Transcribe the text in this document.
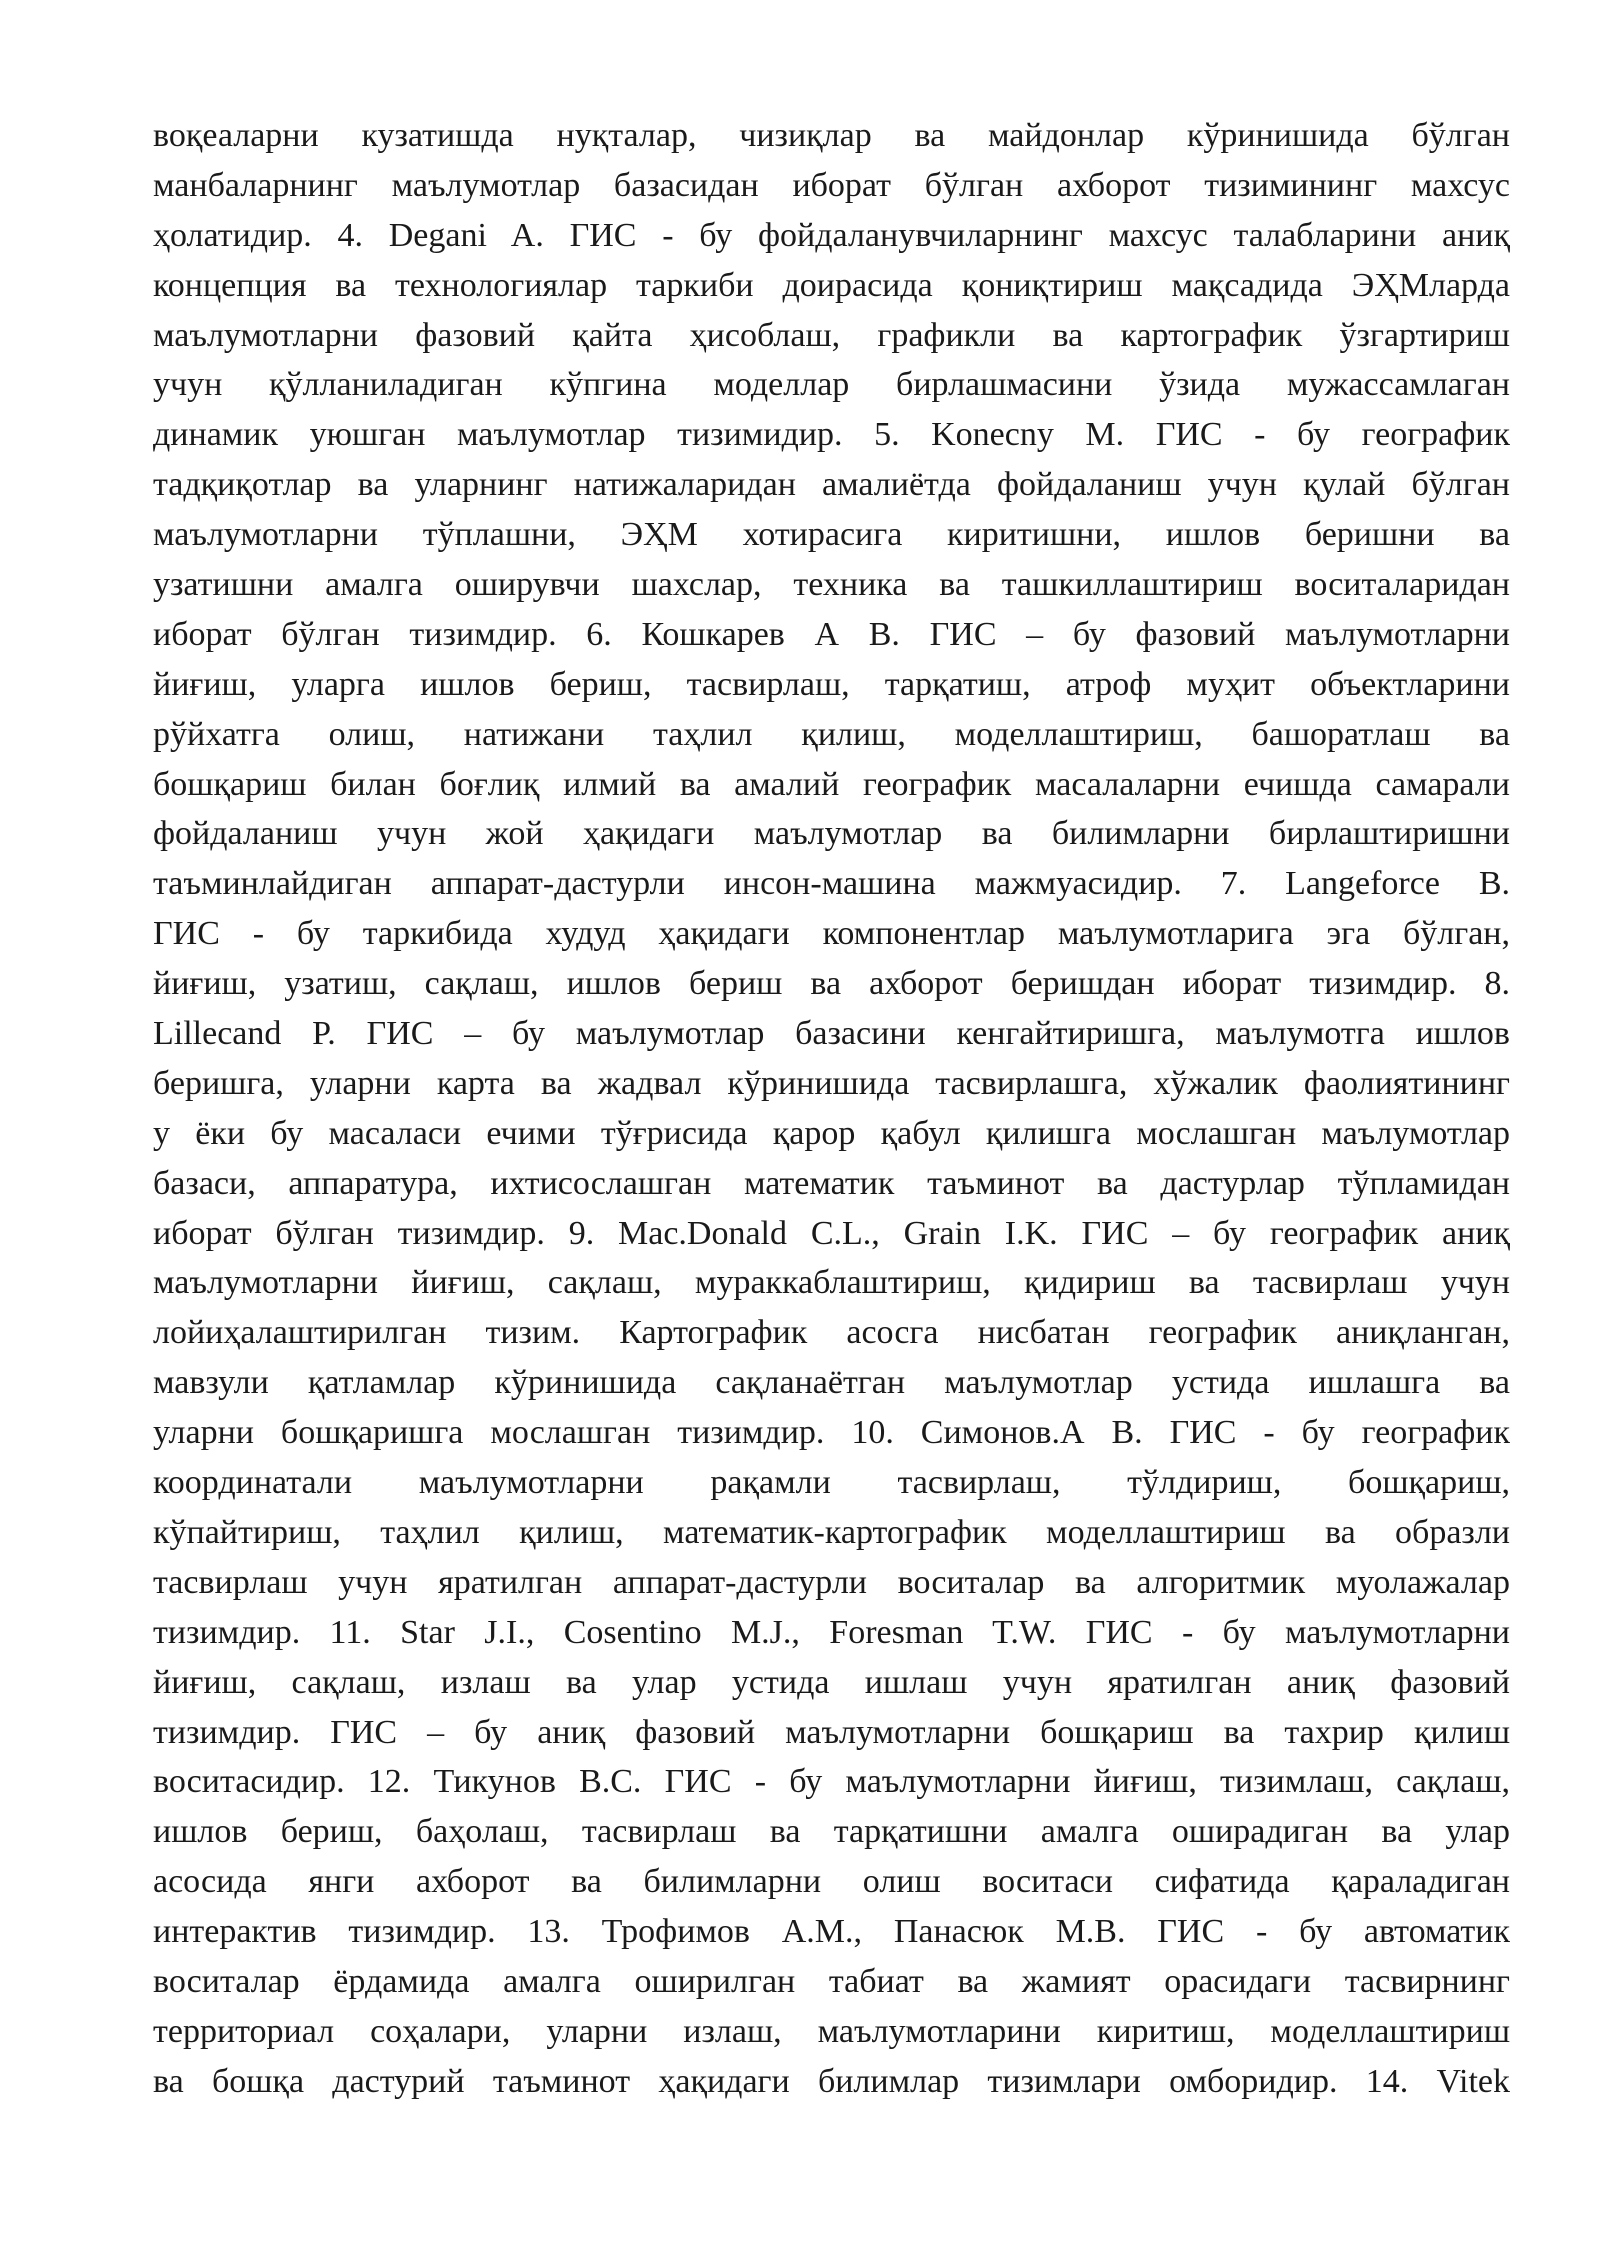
воқеаларни кузатишда нуқталар, чизиқлар ва майдонлар кўринишида бўлган
манбаларнинг маълумотлар базасидан иборат бўлган ахборот тизимининг махсус
ҳолатидир. 4. Degani A. ГИС - бу фойдаланувчиларнинг махсус талабларини аниқ
концепция ва технологиялар таркиби доирасида қониқтириш мақсадида ЭҲМларда
маълумотларни фазовий қайта ҳисоблаш, графикли ва картографик ўзгартириш
учун қўлланиладиган кўпгина моделлар бирлашмасини ўзида мужассамлаган
динамик уюшган маълумотлар тизимидир. 5. Konecny M. ГИС - бу географик
тадқиқотлар ва уларнинг натижаларидан амалиётда фойдаланиш учун қулай бўлган
маълумотларни тўплашни, ЭҲМ хотирасига киритишни, ишлов беришни ва
узатишни амалга оширувчи шахслар, техника ва ташкиллаштириш воситаларидан
иборат бўлган тизимдир. 6. Кошкарев А В. ГИС – бу фазовий маълумотларни
йиғиш, уларга ишлов бериш, тасвирлаш, тарқатиш, атроф муҳит объектларини
рўйхатга олиш, натижани таҳлил қилиш, моделлаштириш, башоратлаш ва
бошқариш билан боғлиқ илмий ва амалий географик масалаларни ечишда самарали
фойдаланиш учун жой ҳақидаги маълумотлар ва билимларни бирлаштиришни
таъминлайдиган аппарат-дастурли инсон-машина мажмуасидир. 7. Langeforce B.
ГИС - бу таркибида худуд ҳақидаги компонентлар маълумотларига эга бўлган,
йиғиш, узатиш, сақлаш, ишлов бериш ва ахборот беришдан иборат тизимдир. 8.
Lillecand P. ГИС – бу маълумотлар базасини кенгайтиришга, маълумотга ишлов
беришга, уларни карта ва жадвал кўринишида тасвирлашга, хўжалик фаолиятининг
у ёки бу масаласи ечими тўғрисида қарор қабул қилишга мослашган маълумотлар
базаси, аппаратура, ихтисослашган математик таъминот ва дастурлар тўпламидан
иборат бўлган тизимдир. 9. Mac.Donald C.L., Grain I.K. ГИС – бу географик аниқ
маълумотларни йиғиш, сақлаш, мураккаблаштириш, қидириш ва тасвирлаш учун
лойиҳалаштирилган тизим. Картографик асосга нисбатан географик аниқланган,
мавзули қатламлар кўринишида сақланаётган маълумотлар устида ишлашга ва
уларни бошқаришга мослашган тизимдир. 10. Симонов.А В. ГИС - бу географик
координатали маълумотларни рақамли тасвирлаш, тўлдириш, бошқариш,
кўпайтириш, таҳлил қилиш, математик-картографик моделлаштириш ва образли
тасвирлаш учун яратилган аппарат-дастурли воситалар ва алгоритмик муолажалар
тизимдир. 11. Star J.I., Cosentino M.J., Foresman T.W. ГИС - бу маълумотларни
йиғиш, сақлаш, излаш ва улар устида ишлаш учун яратилган аниқ фазовий
тизимдир. ГИС – бу аниқ фазовий маълумотларни бошқариш ва тахрир қилиш
воситасидир. 12. Тикунов В.С. ГИС - бу маълумотларни йиғиш, тизимлаш, сақлаш,
ишлов бериш, баҳолаш, тасвирлаш ва тарқатишни амалга оширадиган ва улар
асосида янги ахборот ва билимларни олиш воситаси сифатида қараладиган
интерактив тизимдир. 13. Трофимов А.М., Панасюк М.В. ГИС - бу автоматик
воситалар ёрдамида амалга оширилган табиат ва жамият орасидаги тасвирнинг
территориал соҳалари, уларни излаш, маълумотларини киритиш, моделлаштириш
ва бошқа дастурий таъминот ҳақидаги билимлар тизимлари омборидир. 14. Vitek
